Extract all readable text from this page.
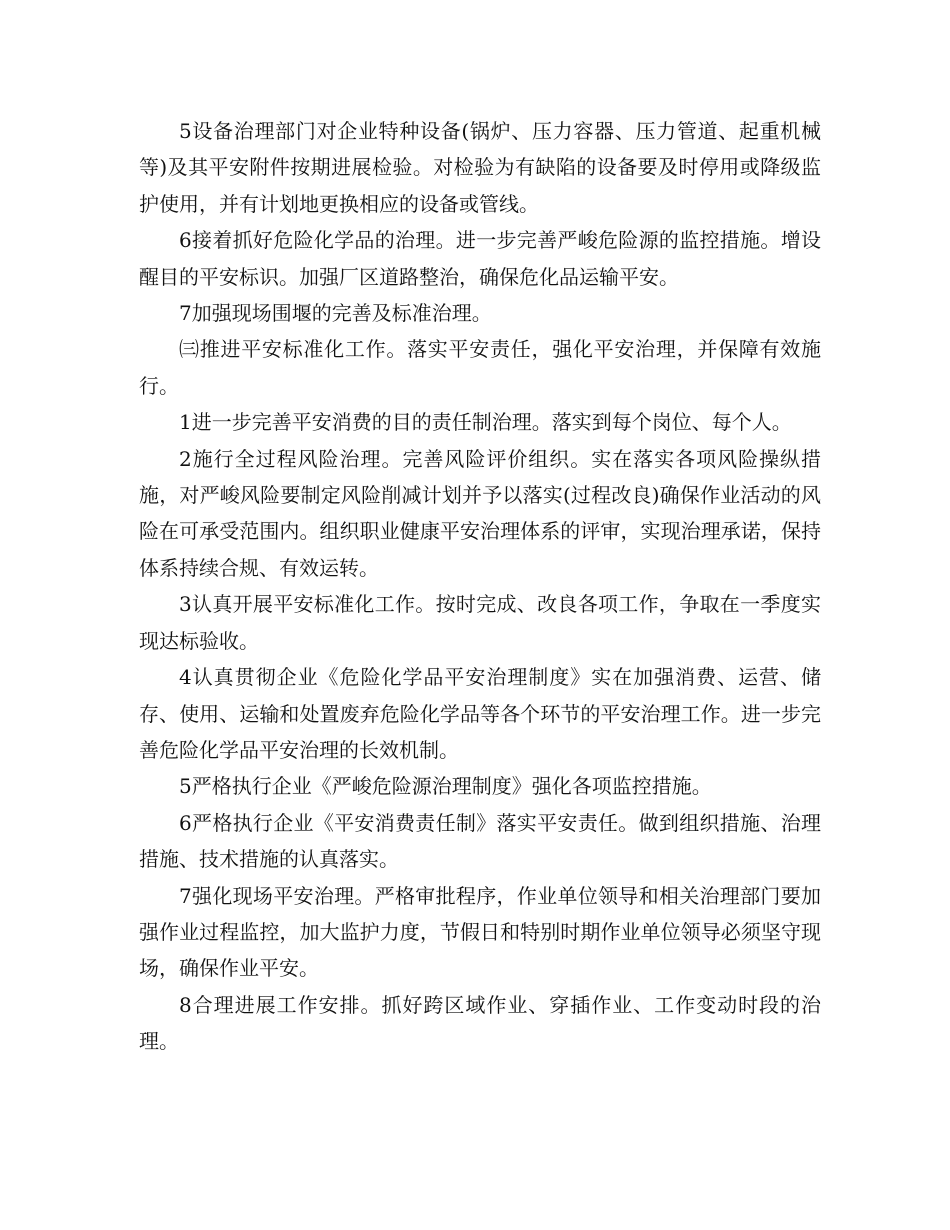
5设备治理部门对企业特种设备(锅炉、压力容器、压力管道、起重机械等)及其平安附件按期进展检验。对检验为有缺陷的设备要及时停用或降级监护使用，并有计划地更换相应的设备或管线。

6接着抓好危险化学品的治理。进一步完善严峻危险源的监控措施。增设醒目的平安标识。加强厂区道路整治，确保危化品运输平安。

7加强现场围堰的完善及标准治理。

㈢推进平安标准化工作。落实平安责任，强化平安治理，并保障有效施行。

1进一步完善平安消费的目的责任制治理。落实到每个岗位、每个人。

2施行全过程风险治理。完善风险评价组织。实在落实各项风险操纵措施，对严峻风险要制定风险削减计划并予以落实(过程改良)确保作业活动的风险在可承受范围内。组织职业健康平安治理体系的评审，实现治理承诺，保持体系持续合规、有效运转。

3认真开展平安标准化工作。按时完成、改良各项工作，争取在一季度实现达标验收。

4认真贯彻企业《危险化学品平安治理制度》实在加强消费、运营、储存、使用、运输和处置废弃危险化学品等各个环节的平安治理工作。进一步完善危险化学品平安治理的长效机制。

5严格执行企业《严峻危险源治理制度》强化各项监控措施。

6严格执行企业《平安消费责任制》落实平安责任。做到组织措施、治理措施、技术措施的认真落实。

7强化现场平安治理。严格审批程序，作业单位领导和相关治理部门要加强作业过程监控，加大监护力度，节假日和特别时期作业单位领导必须坚守现场，确保作业平安。

8合理进展工作安排。抓好跨区域作业、穿插作业、工作变动时段的治理。
